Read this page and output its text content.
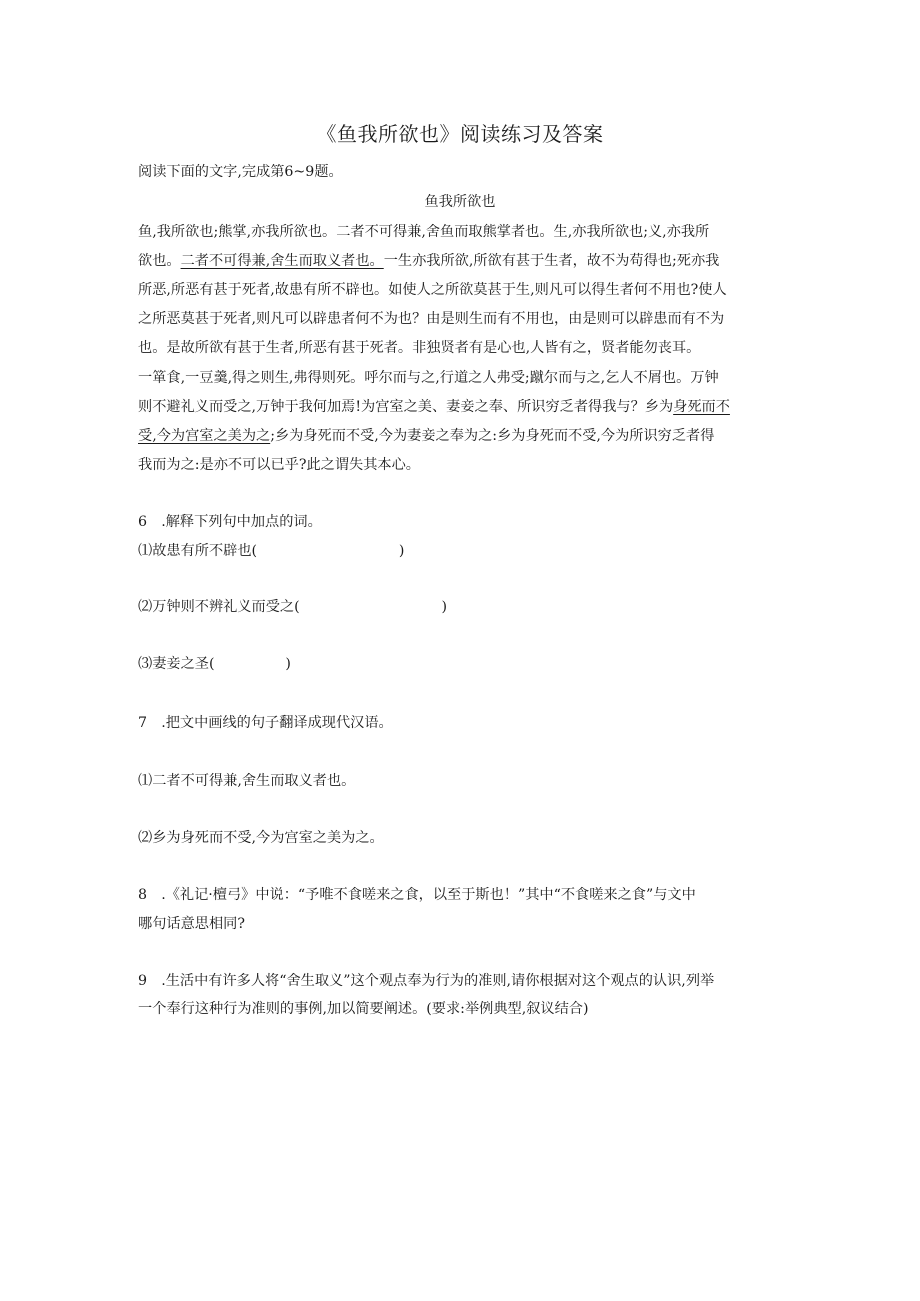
《鱼我所欲也》阅读练习及答案
阅读下面的文字,完成第6~9题。
鱼我所欲也
鱼,我所欲也;熊掌,亦我所欲也。二者不可得兼,舍鱼而取熊掌者也。生,亦我所欲也;义,亦我所
欲也。二者不可得兼,舍生而取义者也。一生亦我所欲,所欲有甚于生者，故不为苟得也;死亦我
所恶,所恶有甚于死者,故患有所不辟也。如使人之所欲莫甚于生,则凡可以得生者何不用也?使人
之所恶莫甚于死者,则凡可以辟患者何不为也？由是则生而有不用也，由是则可以辟患而有不为
也。是故所欲有甚于生者,所恶有甚于死者。非独贤者有是心也,人皆有之，贤者能勿丧耳。
一箪食,一豆羹,得之则生,弗得则死。呼尔而与之,行道之人弗受;蹴尔而与之,乞人不屑也。万钟
则不避礼义而受之,万钟于我何加焉!为宫室之美、妻妾之奉、所识穷乏者得我与？乡为身死而不
受,今为宫室之美为之;乡为身死而不受,今为妻妾之奉为之:乡为身死而不受,今为所识穷乏者得
我而为之:是亦不可以已乎?此之谓失其本心。
6　.解释下列句中加点的词。
⑴故患有所不辟也(　　　　　　　　　　)
⑵万钟则不辨礼义而受之(　　　　　　　　　　)
⑶妻妾之圣(　　　　　)
7　.把文中画线的句子翻译成现代汉语。
⑴二者不可得兼,舍生而取义者也。
⑵乡为身死而不受,今为宫室之美为之。
8　.《礼记·檀弓》中说：“予唯不食嗟来之食，以至于斯也！”其中“不食嗟来之食”与文中
哪句话意思相同?
9　.生活中有许多人将“舍生取义”这个观点奉为行为的准则,请你根据对这个观点的认识,列举
一个奉行这种行为准则的事例,加以简要阐述。(要求:举例典型,叙议结合)
